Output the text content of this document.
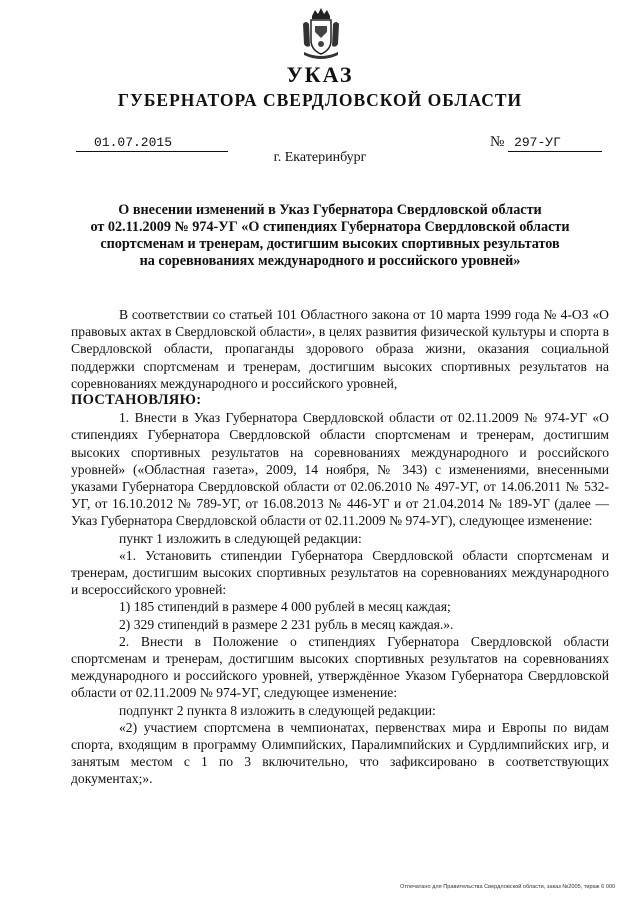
УКАЗ
ГУБЕРНАТОРА СВЕРДЛОВСКОЙ ОБЛАСТИ
01.07.2015	№ 297-УГ
г. Екатеринбург
О внесении изменений в Указ Губернатора Свердловской области
от 02.11.2009 № 974-УГ «О стипендиях Губернатора Свердловской области
спортсменам и тренерам, достигшим высоких спортивных результатов
на соревнованиях международного и российского уровней»

В соответствии со статьей 101 Областного закона от 10 марта 1999 года № 4-ОЗ «О правовых актах в Свердловской области», в целях развития физической культуры и спорта в Свердловской области, пропаганды здорового образа жизни, оказания социальной поддержки спортсменам и тренерам, достигшим высоких спортивных результатов на соревнованиях международного и российского уровней,

ПОСТАНОВЛЯЮ:

1. Внести в Указ Губернатора Свердловской области от 02.11.2009 № 974-УГ «О стипендиях Губернатора Свердловской области спортсменам и тренерам, достигшим высоких спортивных результатов на соревнованиях международного и российского уровней» («Областная газета», 2009, 14 ноября, № 343) с изменениями, внесенными указами Губернатора Свердловской области от 02.06.2010 № 497-УГ, от 14.06.2011 № 532-УГ, от 16.10.2012 № 789-УГ, от 16.08.2013 № 446-УГ и от 21.04.2014 № 189-УГ (далее — Указ Губернатора Свердловской области от 02.11.2009 № 974-УГ), следующее изменение:

пункт 1 изложить в следующей редакции:

«1. Установить стипендии Губернатора Свердловской области спортсменам и тренерам, достигшим высоких спортивных результатов на соревнованиях международного и всероссийского уровней:

1) 185 стипендий в размере 4 000 рублей в месяц каждая;

2) 329 стипендий в размере 2 231 рубль в месяц каждая.».

2. Внести в Положение о стипендиях Губернатора Свердловской области спортсменам и тренерам, достигшим высоких спортивных результатов на соревнованиях международного и российского уровней, утверждённое Указом Губернатора Свердловской области от 02.11.2009 № 974-УГ, следующее изменение:

подпункт 2 пункта 8 изложить в следующей редакции:

«2) участием спортсмена в чемпионатах, первенствах мира и Европы по видам спорта, входящим в программу Олимпийских, Паралимпийских и Сурдлимпийских игр, и занятым местом с 1 по 3 включительно, что зафиксировано в соответствующих документах;».

Отпечатано для Правительства Свердловской области, заказ №2005, тираж 6 000
